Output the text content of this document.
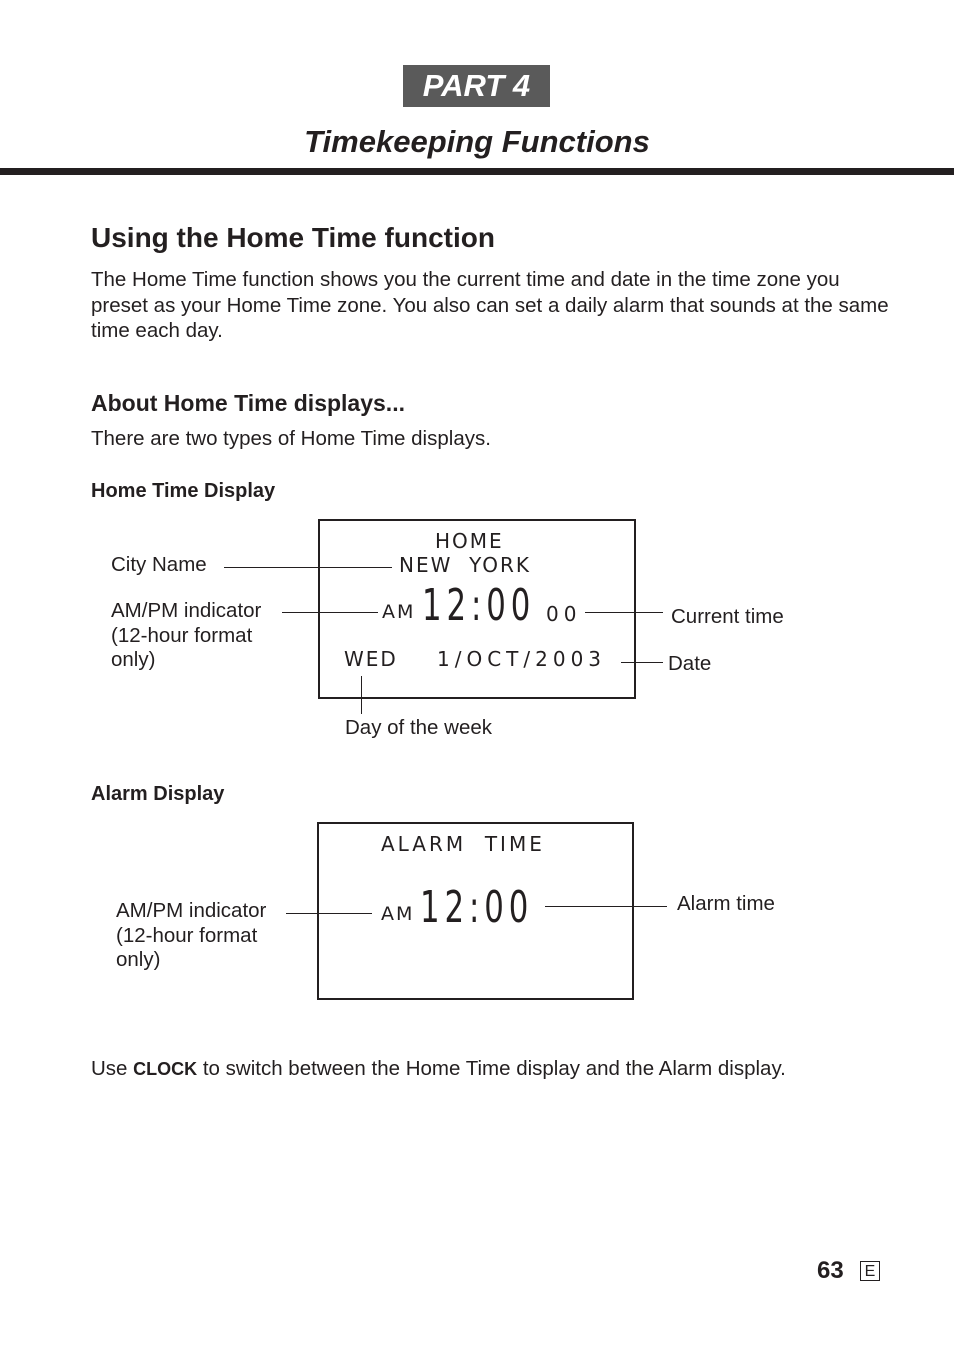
PART 4
Timekeeping Functions
Using the Home Time function
The Home Time function shows you the current time and date in the time zone you preset as your Home Time zone. You also can set a daily alarm that sounds at the same time each day.
About Home Time displays...
There are two types of Home Time displays.
Home Time Display
HOME
NEW  YORK
AM 12:00 00
WED 1/OCT/2003
City Name
AM/PM indicator
(12-hour format
only)
Current time
Date
Day of the week
Alarm Display
ALARM  TIME
AM 12:00
AM/PM indicator
(12-hour format
only)
Alarm time
Use CLOCK to switch between the Home Time display and the Alarm display.
63 E
